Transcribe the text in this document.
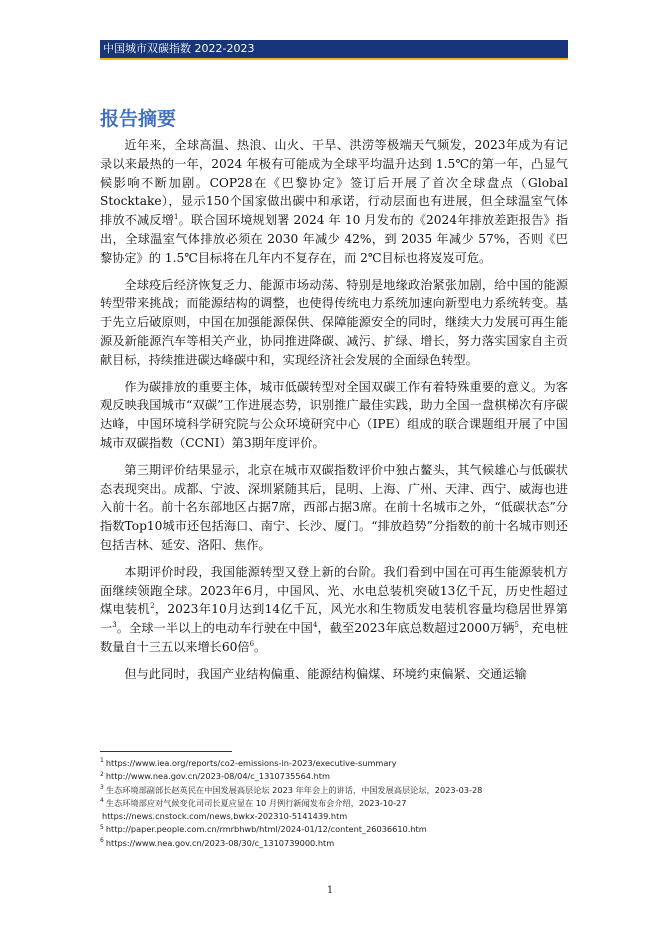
中国城市双碳指数 2022-2023
报告摘要

近年来，全球高温、热浪、山火、干旱、洪涝等极端天气频发，2023年成为有记录以来最热的一年，2024 年极有可能成为全球平均温升达到 1.5℃的第一年，凸显气候影响不断加剧。COP28在《巴黎协定》签订后开展了首次全球盘点（Global Stocktake），显示150个国家做出碳中和承诺，行动层面也有进展，但全球温室气体排放不减反增$^1$。联合国环境规划署 2024 年 10 月发布的《2024年排放差距报告》指出，全球温室气体排放必须在 2030 年减少 42%，到 2035 年减少 57%，否则《巴黎协定》的 1.5℃目标将在几年内不复存在，而 2℃目标也将岌岌可危。

全球疫后经济恢复乏力、能源市场动荡、特别是地缘政治紧张加剧，给中国的能源转型带来挑战；而能源结构的调整，也使得传统电力系统加速向新型电力系统转变。基于先立后破原则，中国在加强能源保供、保障能源安全的同时，继续大力发展可再生能源及新能源汽车等相关产业，协同推进降碳、减污、扩绿、增长，努力落实国家自主贡献目标，持续推进碳达峰碳中和，实现经济社会发展的全面绿色转型。

作为碳排放的重要主体，城市低碳转型对全国双碳工作有着特殊重要的意义。为客观反映我国城市“双碳”工作进展态势，识别推广最佳实践，助力全国一盘棋梯次有序碳达峰，中国环境科学研究院与公众环境研究中心（IPE）组成的联合课题组开展了中国城市双碳指数（CCNI）第3期年度评价。

第三期评价结果显示，北京在城市双碳指数评价中独占鳌头，其气候雄心与低碳状态表现突出。成都、宁波、深圳紧随其后，昆明、上海、广州、天津、西宁、威海也进入前十名。前十名东部地区占据7席，西部占据3席。在前十名城市之外，“低碳状态”分指数Top10城市还包括海口、南宁、长沙、厦门。“排放趋势”分指数的前十名城市则还包括吉林、延安、洛阳、焦作。

本期评价时段，我国能源转型又登上新的台阶。我们看到中国在可再生能源装机方面继续领跑全球。2023年6月，中国风、光、水电总装机突破13亿千瓦，历史性超过煤电装机$^2$，2023年10月达到14亿千瓦，风光水和生物质发电装机容量均稳居世界第一$^3$。全球一半以上的电动车行驶在中国$^4$，截至2023年底总数超过2000万辆$^5$，充电桩数量自十三五以来增长60倍$^6$。

但与此同时，我国产业结构偏重、能源结构偏煤、环境约束偏紧、交通运输

$^1$ https://www.iea.org/reports/co2-emissions-in-2023/executive-summary
$^2$ http://www.nea.gov.cn/2023-08/04/c_1310735564.htm
$^3$ 生态环境部副部长赵英民在中国发展高层论坛 2023 年年会上的讲话，中国发展高层论坛，2023-03-28
$^4$ 生态环境部应对气候变化司司长夏应显在 10 月例行新闻发布会介绍，2023-10-27
https://news.cnstock.com/news,bwkx-202310-5141439.htm
$^5$ http://paper.people.com.cn/rmrbhwb/html/2024-01/12/content_26036610.htm
$^6$ https://www.nea.gov.cn/2023-08/30/c_1310739000.htm
1
